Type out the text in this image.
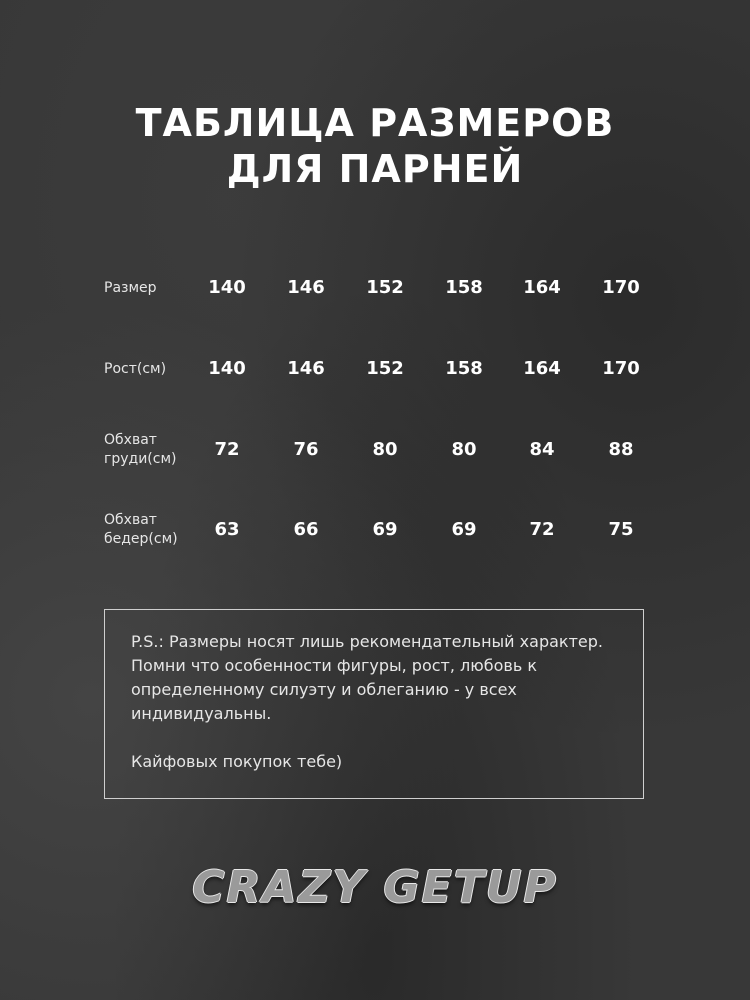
ТАБЛИЦА РАЗМЕРОВ
ДЛЯ ПАРНЕЙ
Размер	140	146	152	158	164	170
Рост(см)	140	146	152	158	164	170
Обхват
груди(см)	72	76	80	80	84	88
Обхват
бедер(см)	63	66	69	69	72	75

P.S.: Размеры носят лишь рекомендательный характер. Помни что особенности фигуры, рост, любовь к определенному силуэту и облеганию - у всех индивидуальны.

Кайфовых покупок тебе)

CRAZY GETUP
